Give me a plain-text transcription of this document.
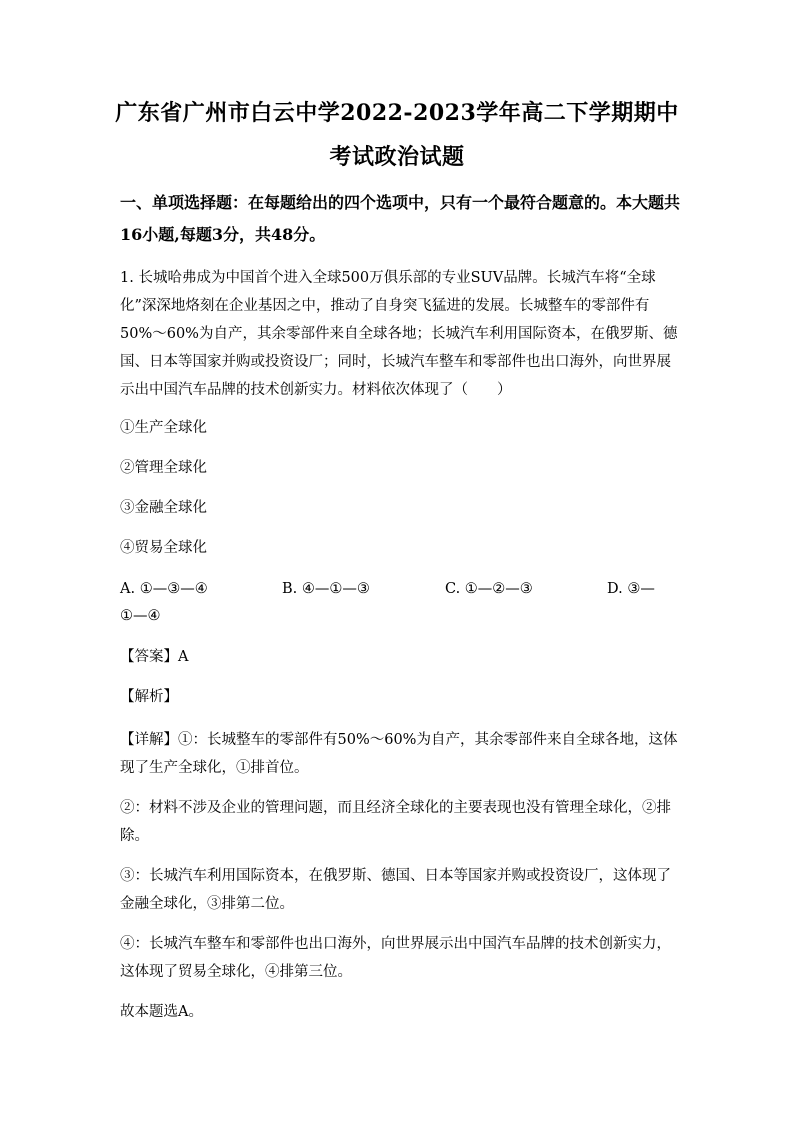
广东省广州市白云中学2022-2023学年高二下学期期中
考试政治试题
一、单项选择题：在每题给出的四个选项中，只有一个最符合题意的。本大题共16小题,每题3分，共48分。
1. 长城哈弗成为中国首个进入全球500万俱乐部的专业SUV品牌。长城汽车将“全球化”深深地烙刻在企业基因之中，推动了自身突飞猛进的发展。长城整车的零部件有50%～60%为自产，其余零部件来自全球各地；长城汽车利用国际资本，在俄罗斯、德国、日本等国家并购或投资设厂；同时，长城汽车整车和零部件也出口海外，向世界展示出中国汽车品牌的技术创新实力。材料依次体现了（　　）
①生产全球化
②管理全球化
③金融全球化
④贸易全球化
A. ①—③—④	B. ④—①—③	C. ①—②—③	D. ③—
①—④
【答案】A
【解析】
【详解】①：长城整车的零部件有50%～60%为自产，其余零部件来自全球各地，这体现了生产全球化，①排首位。
②：材料不涉及企业的管理问题，而且经济全球化的主要表现也没有管理全球化，②排除。
③：长城汽车利用国际资本，在俄罗斯、德国、日本等国家并购或投资设厂，这体现了金融全球化，③排第二位。
④：长城汽车整车和零部件也出口海外，向世界展示出中国汽车品牌的技术创新实力，这体现了贸易全球化，④排第三位。
故本题选A。
